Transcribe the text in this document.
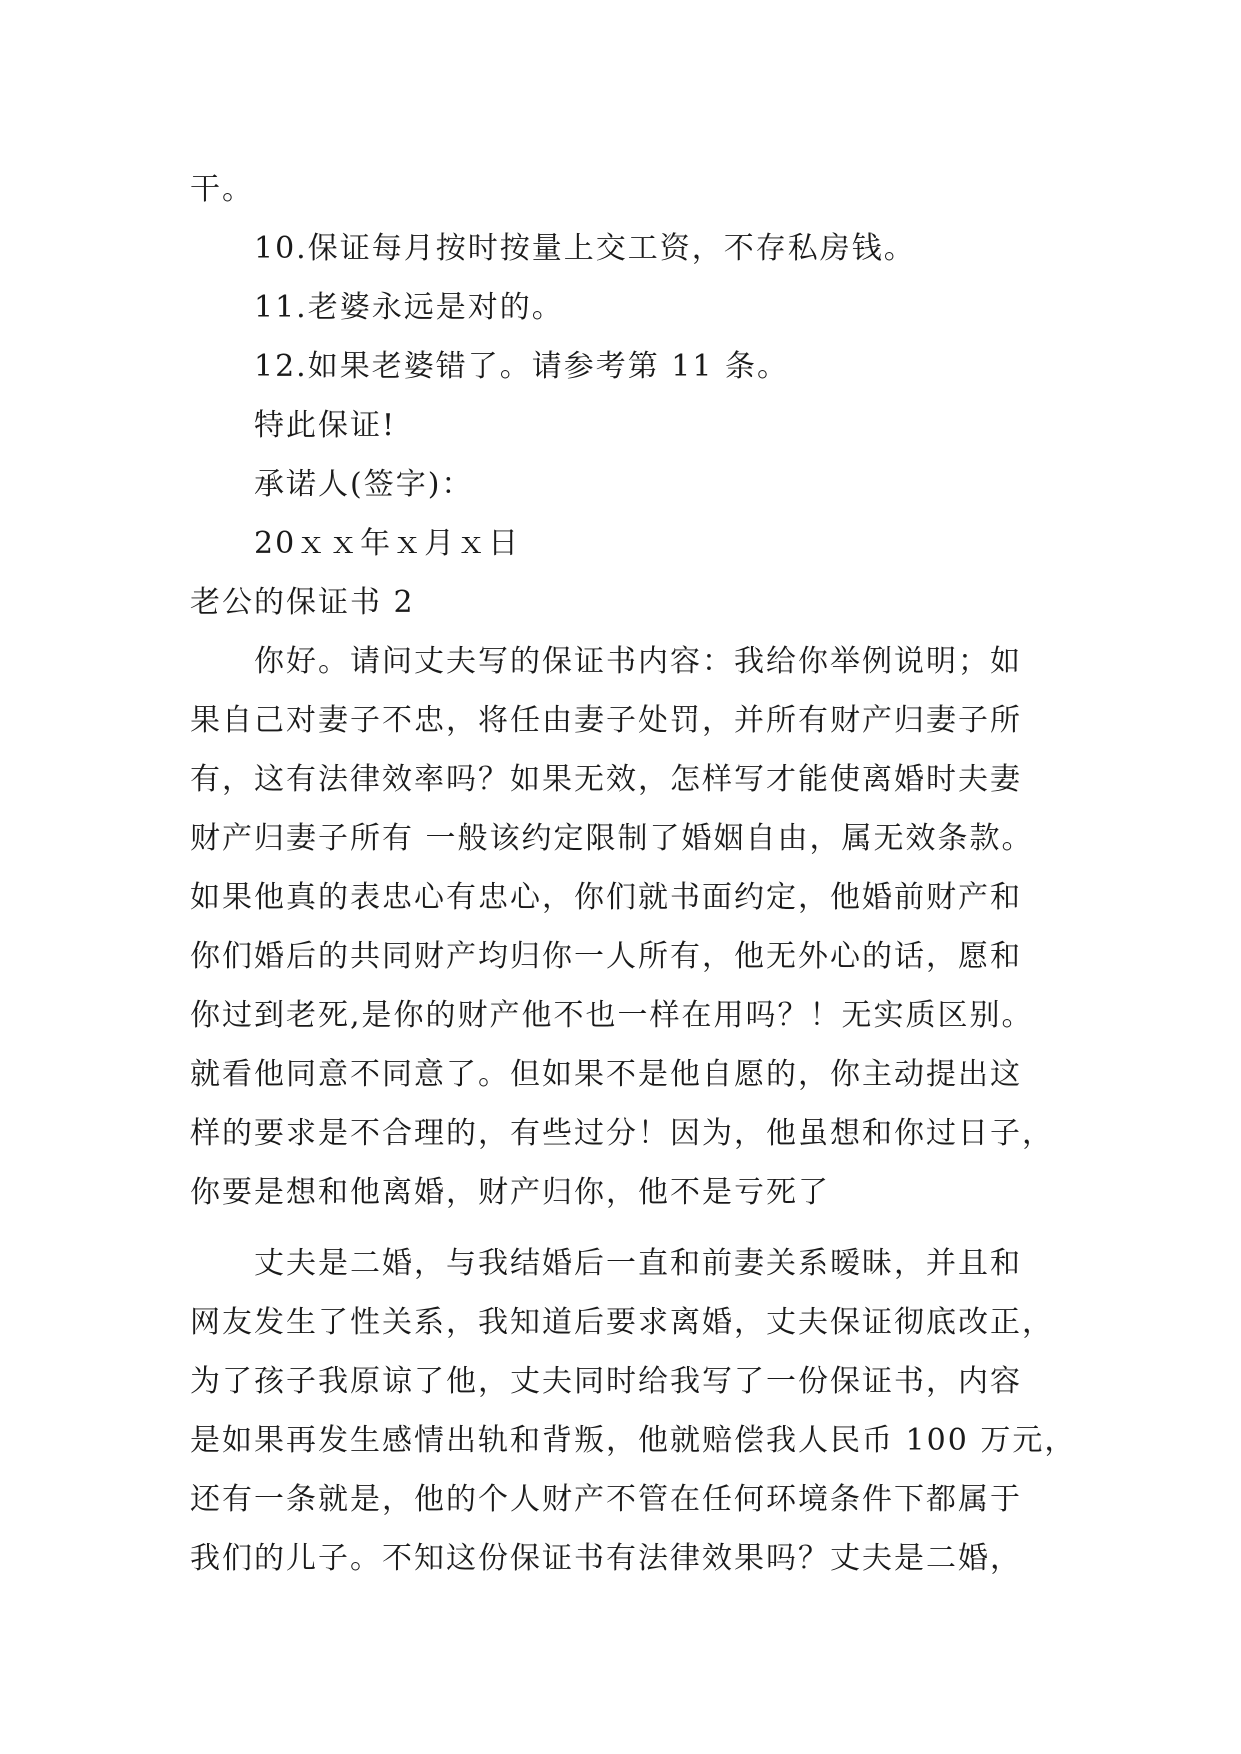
干。
10.保证每月按时按量上交工资，不存私房钱。
11.老婆永远是对的。
12.如果老婆错了。请参考第 11 条。
特此保证!
承诺人(签字)：
20ｘｘ年ｘ月ｘ日
老公的保证书 2
你好。请问丈夫写的保证书内容：我给你举例说明；如
果自己对妻子不忠，将任由妻子处罚，并所有财产归妻子所
有，这有法律效率吗？如果无效，怎样写才能使离婚时夫妻
财产归妻子所有 一般该约定限制了婚姻自由，属无效条款。
如果他真的表忠心有忠心，你们就书面约定，他婚前财产和
你们婚后的共同财产均归你一人所有，他无外心的话，愿和
你过到老死,是你的财产他不也一样在用吗？！无实质区别。
就看他同意不同意了。但如果不是他自愿的，你主动提出这
样的要求是不合理的，有些过分！因为，他虽想和你过日子，
你要是想和他离婚，财产归你，他不是亏死了
丈夫是二婚，与我结婚后一直和前妻关系暧昧，并且和
网友发生了性关系，我知道后要求离婚，丈夫保证彻底改正，
为了孩子我原谅了他，丈夫同时给我写了一份保证书，内容
是如果再发生感情出轨和背叛，他就赔偿我人民币 100 万元，
还有一条就是，他的个人财产不管在任何环境条件下都属于
我们的儿子。不知这份保证书有法律效果吗？丈夫是二婚，
